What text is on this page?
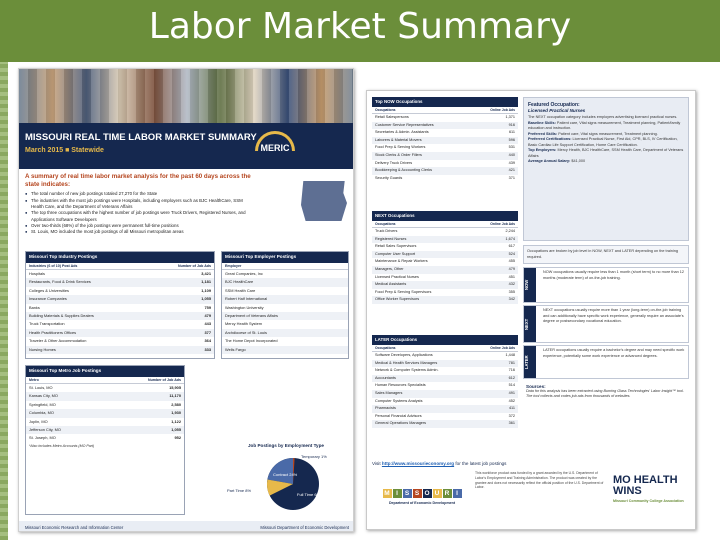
Labor Market Summary
MISSOURI REAL TIME LABOR MARKET SUMMARY
March 2015 ■ Statewide	MERIC
A summary of real time labor market analysis for the past 60 days across the state indicates:
● The total number of new job postings totaled 27,270 for the State
● The industries with the most job postings were Hospitals, including employers such as BJC HealthCare, SSM Health Care, and the Department of Veterans Affairs
● The top three occupations with the highest number of job postings were Truck Drivers, Registered Nurses, and Applications Software Developers
● Over two-thirds (68%) of the job postings were permanent full-time positions
● St. Louis, MO included the most job postings of all Missouri metropolitan areas
Missouri Top Industry Postings
Industries (6 of 10) Post Ads	Number of Job Ads
Hospitals	3,421
Restaurants, Food & Drink Services	1,181
Colleges & Universities	1,109
Insurance Companies	1,055
Banks	759
Building Materials & Supplies Dealers	479
Truck Transportation	443
Health Practitioners Offices	377
Traveler & Other Accommodation	364
Nursing Homes	333
Missouri Top Employer Postings
Employer
Great Companies, Inc
BJC HealthCare
SSM Health Care
Robert Half International
Washington University
Department of Veterans Affairs
Mercy Health System
Archdiocese of St. Louis
The Home Depot Incorporated
Wells Fargo
Missouri Top Metro Job Postings
Metro	Number of Job Ads
St. Louis, MO	15,905
Kansas City, MO	11,170
Springfield, MO	2,580
Columbia, MO	1,930
Joplin, MO	1,122
Jefferson City, MO	1,055
St. Joseph, MO	952
*Also includes Metro Accounts (MO Part)	Job Postings by Employment Type
Temporary 1%
Part Time 8%
Contract 24%
Full Time 68%
Missouri Economic Research and Information Center	Missouri Department of Economic Development
Top NOW Occupations
Occupations	Online Job Ads
Retail Salespersons	1,371
Customer Service Representatives	916
Secretaries & Admin. Assistants	611
Laborers & Material Movers	596
Food Prep & Serving Workers	531
Stock Clerks & Order Fillers	440
Delivery Truck Drivers	439
Bookkeeping & Accounting Clerks	421
Security Guards	371
NEXT Occupations
Occupations	Online Job Ads
Truck Drivers	2,244
Registered Nurses	1,674
Retail Sales Supervisors	617
Computer User Support	524
Maintenance & Repair Workers	455
Managers, Other	479
Licensed Practical Nurses	451
Medical Assistants	432
Food Prep & Serving Supervisors	355
Office Worker Supervisors	342
LATER Occupations
Occupations	Online Job Ads
Software Developers, Applications	1,448
Medical & Health Services Managers	781
Network & Computer Systems Admin.	716
Accountants	612
Human Resources Specialists	514
Sales Managers	491
Computer Systems Analysts	452
Pharmacists	411
Personal Financial Advisors	372
General Operations Managers	361
Featured Occupation:
Licensed Practical Nurses

The NEXT occupation category includes employers advertising licensed practical nurses.

Baseline Skills: Patient care, Vital signs measurement, Treatment planning, Patient/family education and instruction.

Preferred Skills: Patient care, Vital signs measurement, Treatment planning.

Preferred Certifications: Licensed Practical Nurse, First Aid, CPR, BLS, IV Certification, Basic Cardiac Life Support Certification, Home Care Certification.

Top Employers: Mercy Health, BJC HealthCare, SSM Health Care, Department of Veterans Affairs

Average Annual Salary: $41,000

Occupations are broken by job level in NOW, NEXT and LATER depending on the training required.
NOW

NOW occupations usually require less than 1 month (short term) to no more than 12 months (moderate term) of on-the-job training.

NEXT

NEXT occupations usually require more than 1 year (long-term) on-the-job training and can additionally have specific work experience, generally require an associate's degree or postsecondary vocational education.

LATER

LATER occupations usually require a bachelor's degree and may need specific work experience, potentially some work experience or advanced degrees.

Sources:

Data for this analysis has been extracted using Burning Glass Technologies' Labor Insight™ tool. The tool collects and codes job ads from thousands of websites.

Visit http://www.missourieconomy.org for the latest job postings
M I	S S O U R	I
Department of Economic Development
This workforce product was funded by a grant awarded by the U.S. Department of Labor's Employment and Training Administration. The product was created by the grantee and does not necessarily reflect the official position of the U.S. Department of Labor.
MO HEALTH WINS
Missouri Community College Association
